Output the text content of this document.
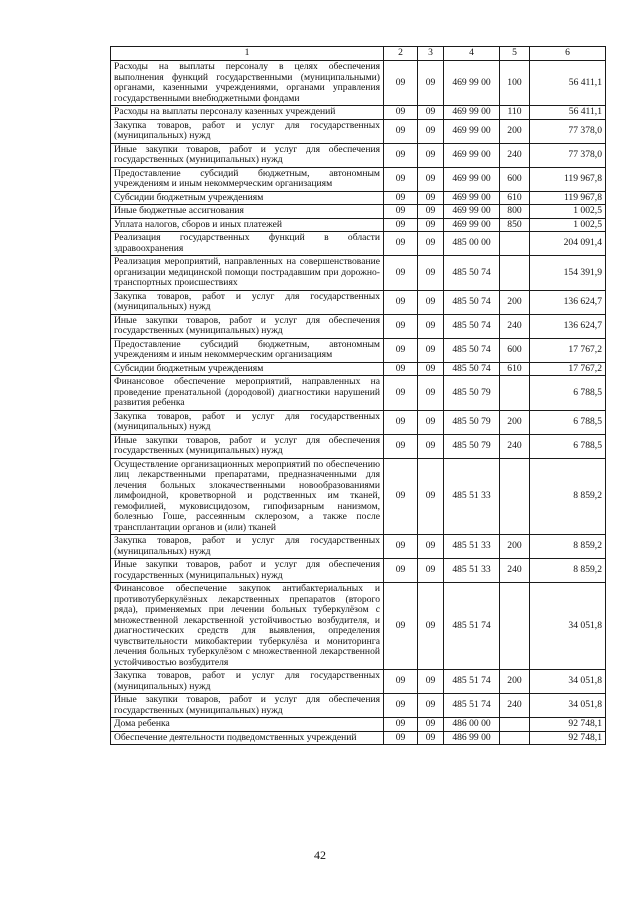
1	2	3	4	5	6
Расходы на выплаты персоналу в целях обеспечения выполнения функций государственными (муниципальными) органами, казенными учреждениями, органами управления государственными внебюджетными фондами	09	09	469 99 00	100	56 411,1
Расходы на выплаты персоналу казенных учреждений	09	09	469 99 00	110	56 411,1
Закупка товаров, работ и услуг для государственных (муниципальных) нужд	09	09	469 99 00	200	77 378,0
Иные закупки товаров, работ и услуг для обеспечения государственных (муниципальных) нужд	09	09	469 99 00	240	77 378,0
Предоставление субсидий бюджетным, автономным учреждениям и иным некоммерческим организациям	09	09	469 99 00	600	119 967,8
Субсидии бюджетным учреждениям	09	09	469 99 00	610	119 967,8
Иные бюджетные ассигнования	09	09	469 99 00	800	1 002,5
Уплата налогов, сборов и иных платежей	09	09	469 99 00	850	1 002,5
Реализация государственных функций в области здравоохранения	09	09	485 00 00		204 091,4
Реализация мероприятий, направленных на совершенствование организации медицинской помощи пострадавшим при дорожно-транспортных происшествиях	09	09	485 50 74		154 391,9
Закупка товаров, работ и услуг для государственных (муниципальных) нужд	09	09	485 50 74	200	136 624,7
Иные закупки товаров, работ и услуг для обеспечения государственных (муниципальных) нужд	09	09	485 50 74	240	136 624,7
Предоставление субсидий бюджетным, автономным учреждениям и иным некоммерческим организациям	09	09	485 50 74	600	17 767,2
Субсидии бюджетным учреждениям	09	09	485 50 74	610	17 767,2
Финансовое обеспечение мероприятий, направленных на проведение пренатальной (дородовой) диагностики нарушений развития ребенка	09	09	485 50 79		6 788,5
Закупка товаров, работ и услуг для государственных (муниципальных) нужд	09	09	485 50 79	200	6 788,5
Иные закупки товаров, работ и услуг для обеспечения государственных (муниципальных) нужд	09	09	485 50 79	240	6 788,5
Осуществление организационных мероприятий по обеспечению лиц лекарственными препаратами, предназначенными для лечения больных злокачественными новообразованиями лимфоидной, кроветворной и родственных им тканей, гемофилией, муковисцидозом, гипофизарным нанизмом, болезнью Гоше, рассеянным склерозом, а также после трансплантации органов и (или) тканей	09	09	485 51 33		8 859,2
Закупка товаров, работ и услуг для государственных (муниципальных) нужд	09	09	485 51 33	200	8 859,2
Иные закупки товаров, работ и услуг для обеспечения государственных (муниципальных) нужд	09	09	485 51 33	240	8 859,2
Финансовое обеспечение закупок антибактериальных и противотуберкулёзных лекарственных препаратов (второго ряда), применяемых при лечении больных туберкулёзом с множественной лекарственной устойчивостью возбудителя, и диагностических средств для выявления, определения чувствительности микобактерии туберкулёза и мониторинга лечения больных туберкулёзом с множественной лекарственной устойчивостью возбудителя	09	09	485 51 74		34 051,8
Закупка товаров, работ и услуг для государственных (муниципальных) нужд	09	09	485 51 74	200	34 051,8
Иные закупки товаров, работ и услуг для обеспечения государственных (муниципальных) нужд	09	09	485 51 74	240	34 051,8
Дома ребенка	09	09	486 00 00		92 748,1
Обеспечение деятельности подведомственных учреждений	09	09	486 99 00		92 748,1
42
